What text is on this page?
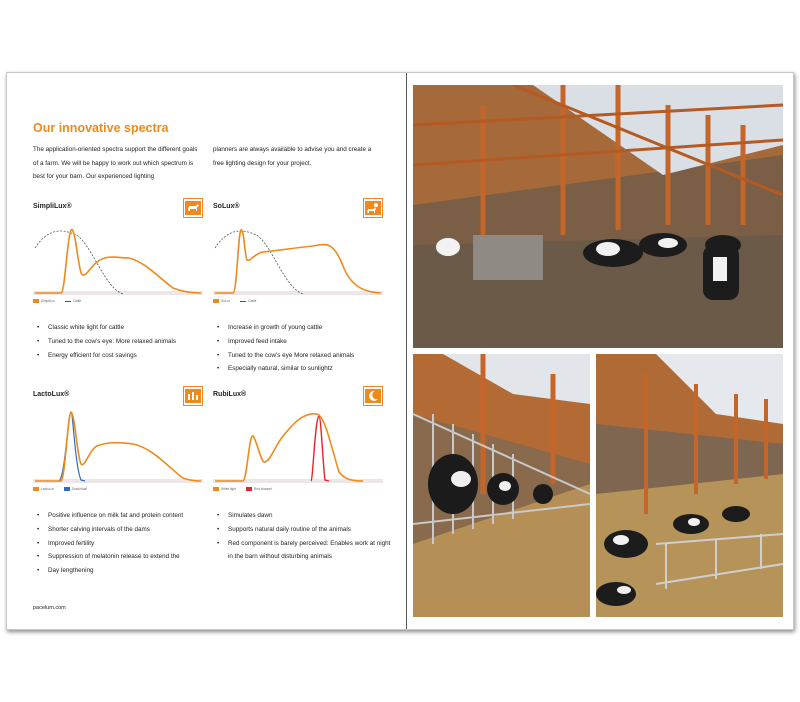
Our innovative spectra
The application-oriented spectra support the different goals of a farm. We will be happy to work out which spectrum is best for your barn. Our experienced lighting
planners are always available to advise you and create a free lighting design for your project.
SimpliLux®
SimpliLux	Cattle
• Classic white light for cattle
• Tuned to the cow's eye: More relaxed animals
• Energy efficient for cost savings
SoLux®
SoLux	Cattle
• Increase in growth of young cattle
• Improved feed intake
• Tuned to the cow's eye More relaxed animals
• Especially natural, similar to sunlightz
LactoLux®
LactoLux	Dusk/ritual
• Positive influence on milk fat and protein content
• Shorter calving intervals of the dams
• Improved fertility
• Suppression of melatonin release to extend the
• Day lengthening
RubiLux®
White light	Red channel
• Simulates dawn
• Supports natural daily routine of the animals
• Red component is barely perceived: Enables work at night in the barn without disturbing animals
pacelum.com
